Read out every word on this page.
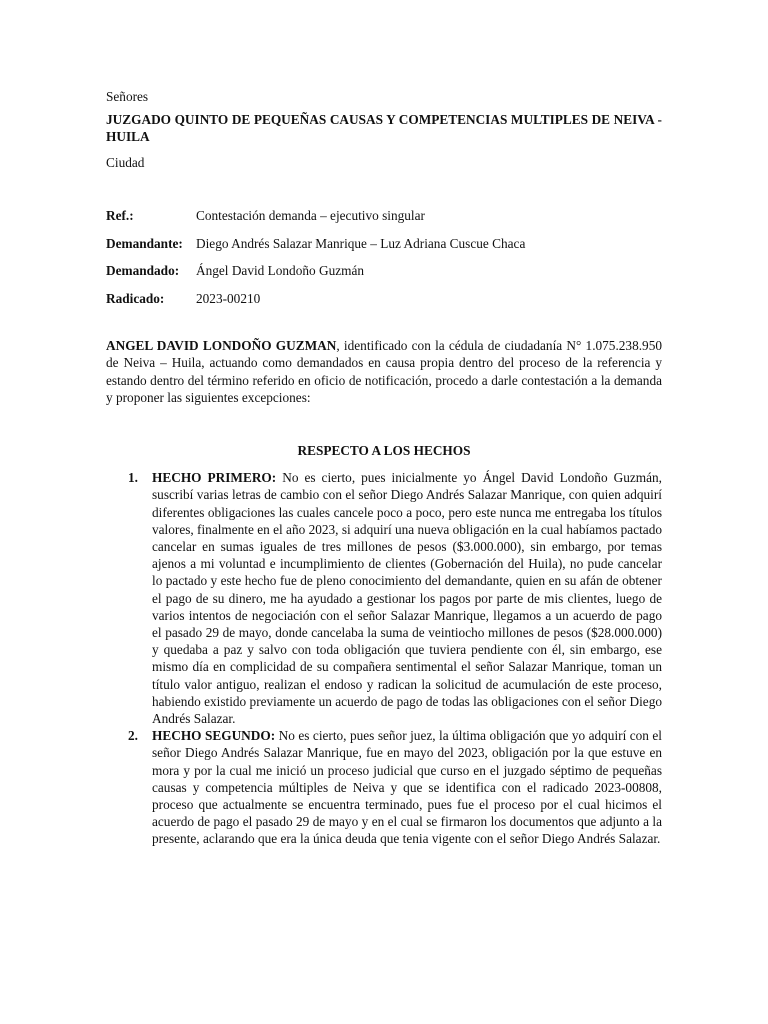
Señores

JUZGADO QUINTO DE PEQUEÑAS CAUSAS Y COMPETENCIAS MULTIPLES DE NEIVA - HUILA

Ciudad

Ref.:	Contestación demanda – ejecutivo singular
Demandante: Diego Andrés Salazar Manrique – Luz Adriana Cuscue Chaca
Demandado:	Ángel David Londoño Guzmán
Radicado:	2023-00210

ANGEL DAVID LONDOÑO GUZMAN, identificado con la cédula de ciudadanía N° 1.075.238.950 de Neiva – Huila, actuando como demandados en causa propia dentro del proceso de la referencia y estando dentro del término referido en oficio de notificación, procedo a darle contestación a la demanda y proponer las siguientes excepciones:

RESPECTO A LOS HECHOS

1. HECHO PRIMERO: No es cierto, pues inicialmente yo Ángel David Londoño Guzmán, suscribí varias letras de cambio con el señor Diego Andrés Salazar Manrique, con quien adquirí diferentes obligaciones las cuales cancele poco a poco, pero este nunca me entregaba los títulos valores, finalmente en el año 2023, si adquirí una nueva obligación en la cual habíamos pactado cancelar en sumas iguales de tres millones de pesos ($3.000.000), sin embargo, por temas ajenos a mi voluntad e incumplimiento de clientes (Gobernación del Huila), no pude cancelar lo pactado y este hecho fue de pleno conocimiento del demandante, quien en su afán de obtener el pago de su dinero, me ha ayudado a gestionar los pagos por parte de mis clientes, luego de varios intentos de negociación con el señor Salazar Manrique, llegamos a un acuerdo de pago el pasado 29 de mayo, donde cancelaba la suma de veintiocho millones de pesos ($28.000.000) y quedaba a paz y salvo con toda obligación que tuviera pendiente con él, sin embargo, ese mismo día en complicidad de su compañera sentimental el señor Salazar Manrique, toman un título valor antiguo, realizan el endoso y radican la solicitud de acumulación de este proceso, habiendo existido previamente un acuerdo de pago de todas las obligaciones con el señor Diego Andrés Salazar.
2. HECHO SEGUNDO: No es cierto, pues señor juez, la última obligación que yo adquirí con el señor Diego Andrés Salazar Manrique, fue en mayo del 2023, obligación por la que estuve en mora y por la cual me inició un proceso judicial que curso en el juzgado séptimo de pequeñas causas y competencia múltiples de Neiva y que se identifica con el radicado 2023-00808, proceso que actualmente se encuentra terminado, pues fue el proceso por el cual hicimos el acuerdo de pago el pasado 29 de mayo y en el cual se firmaron los documentos que adjunto a la presente, aclarando que era la única deuda que tenia vigente con el señor Diego Andrés Salazar.
